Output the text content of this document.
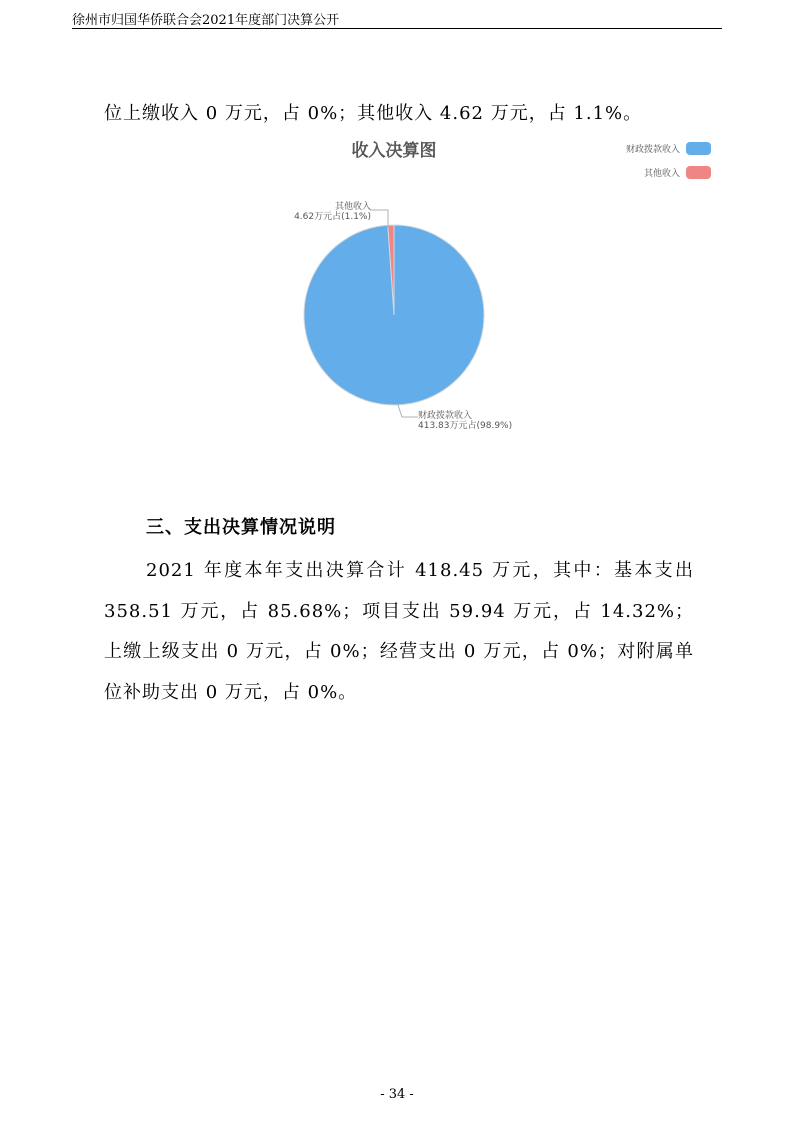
徐州市归国华侨联合会2021年度部门决算公开
位上缴收入 0 万元，占 0%；其他收入 4.62 万元，占 1.1%。
收入决算图	财政拨款收入
其他收入
其他收入
4.62万元占(1.1%)
财政拨款收入
413.83万元占(98.9%)
三、支出决算情况说明
2021 年度本年支出决算合计 418.45 万元，其中：基本支出 358.51 万元，占 85.68%；项目支出 59.94 万元，占 14.32%；上缴上级支出 0 万元，占 0%；经营支出 0 万元，占 0%；对附属单位补助支出 0 万元，占 0%。
- 34 -
